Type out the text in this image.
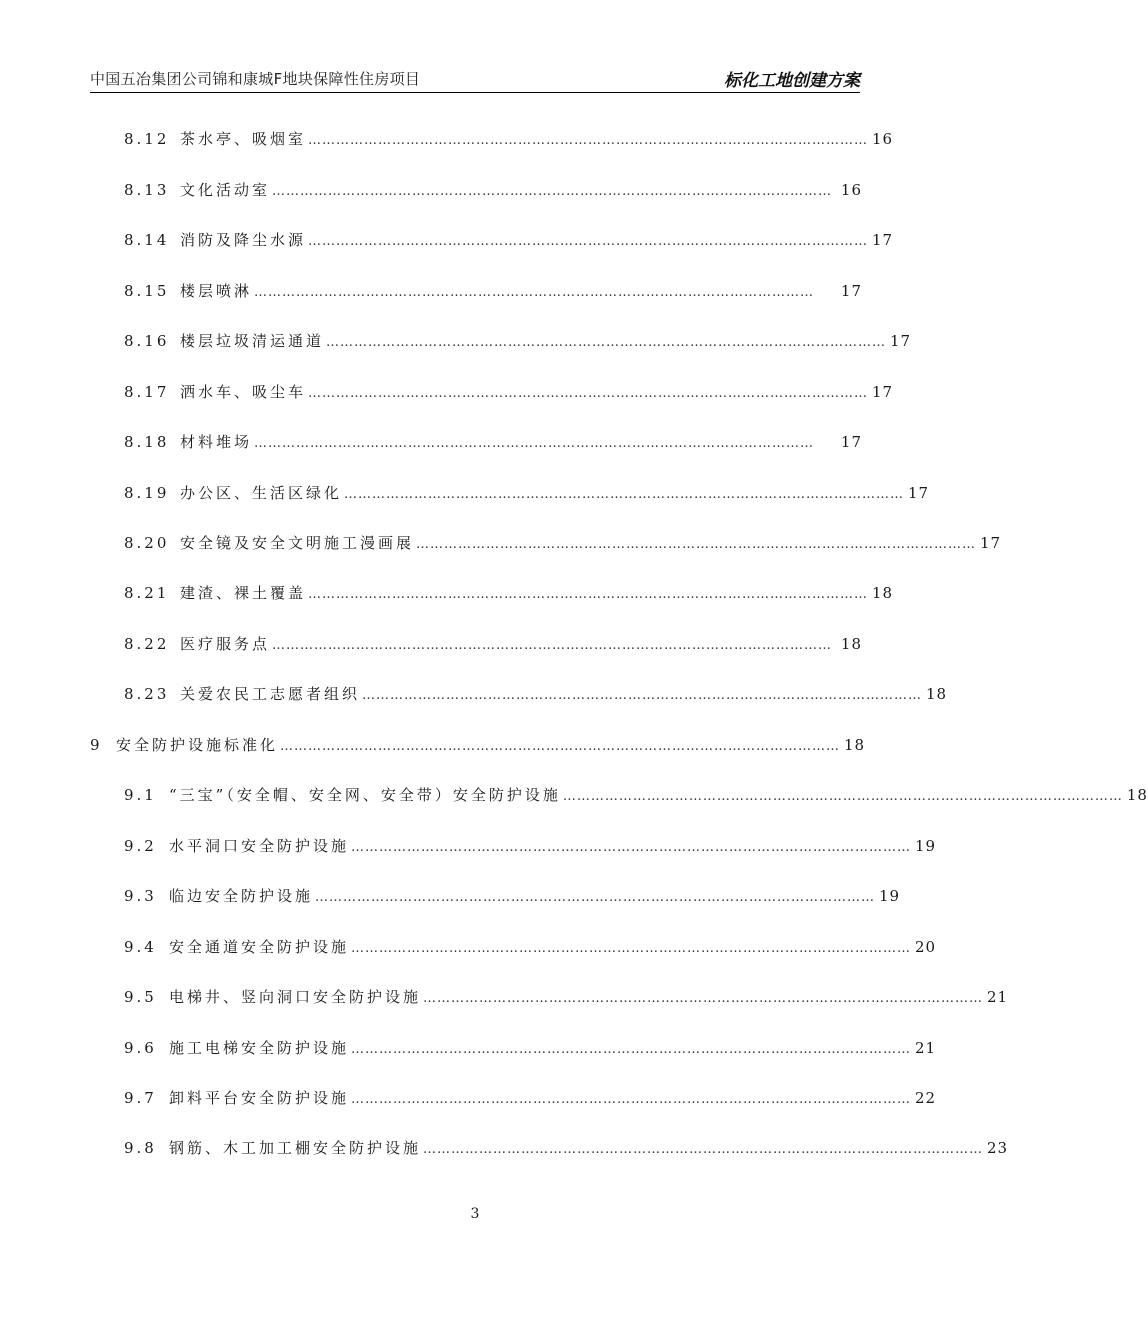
中国五冶集团公司锦和康城F地块保障性住房项目	标化工地创建方案
8.12 茶水亭、吸烟室 ………………………………………………………………………………………………………… 16
8.13 文化活动室 ………………………………………………………………………………………………………… 16
8.14 消防及降尘水源 ………………………………………………………………………………………………………… 17
8.15 楼层喷淋 …………………………………………………………………………………………………………	17
8.16 楼层垃圾清运通道 ………………………………………………………………………………………………………… 17
8.17 洒水车、吸尘车 ………………………………………………………………………………………………………… 17
8.18 材料堆场 …………………………………………………………………………………………………………	17
8.19 办公区、生活区绿化 ………………………………………………………………………………………………………… 17
8.20 安全镜及安全文明施工漫画展 ………………………………………………………………………………………………………… 17
8.21 建渣、裸土覆盖 ………………………………………………………………………………………………………… 18
8.22 医疗服务点 ………………………………………………………………………………………………………… 18
8.23 关爱农民工志愿者组织 ………………………………………………………………………………………………………… 18
9 安全防护设施标准化 ………………………………………………………………………………………………………… 18
9.1 “三宝”（安全帽、安全网、安全带）安全防护设施 ………………………………………………………………………………………………………… 18
9.2 水平洞口安全防护设施 ………………………………………………………………………………………………………… 19
9.3 临边安全防护设施 ………………………………………………………………………………………………………… 19
9.4 安全通道安全防护设施 ………………………………………………………………………………………………………… 20
9.5 电梯井、竖向洞口安全防护设施 ………………………………………………………………………………………………………… 21
9.6 施工电梯安全防护设施 ………………………………………………………………………………………………………… 21
9.7 卸料平台安全防护设施 ………………………………………………………………………………………………………… 22
9.8 钢筋、木工加工棚安全防护设施 ………………………………………………………………………………………………………… 23
3
